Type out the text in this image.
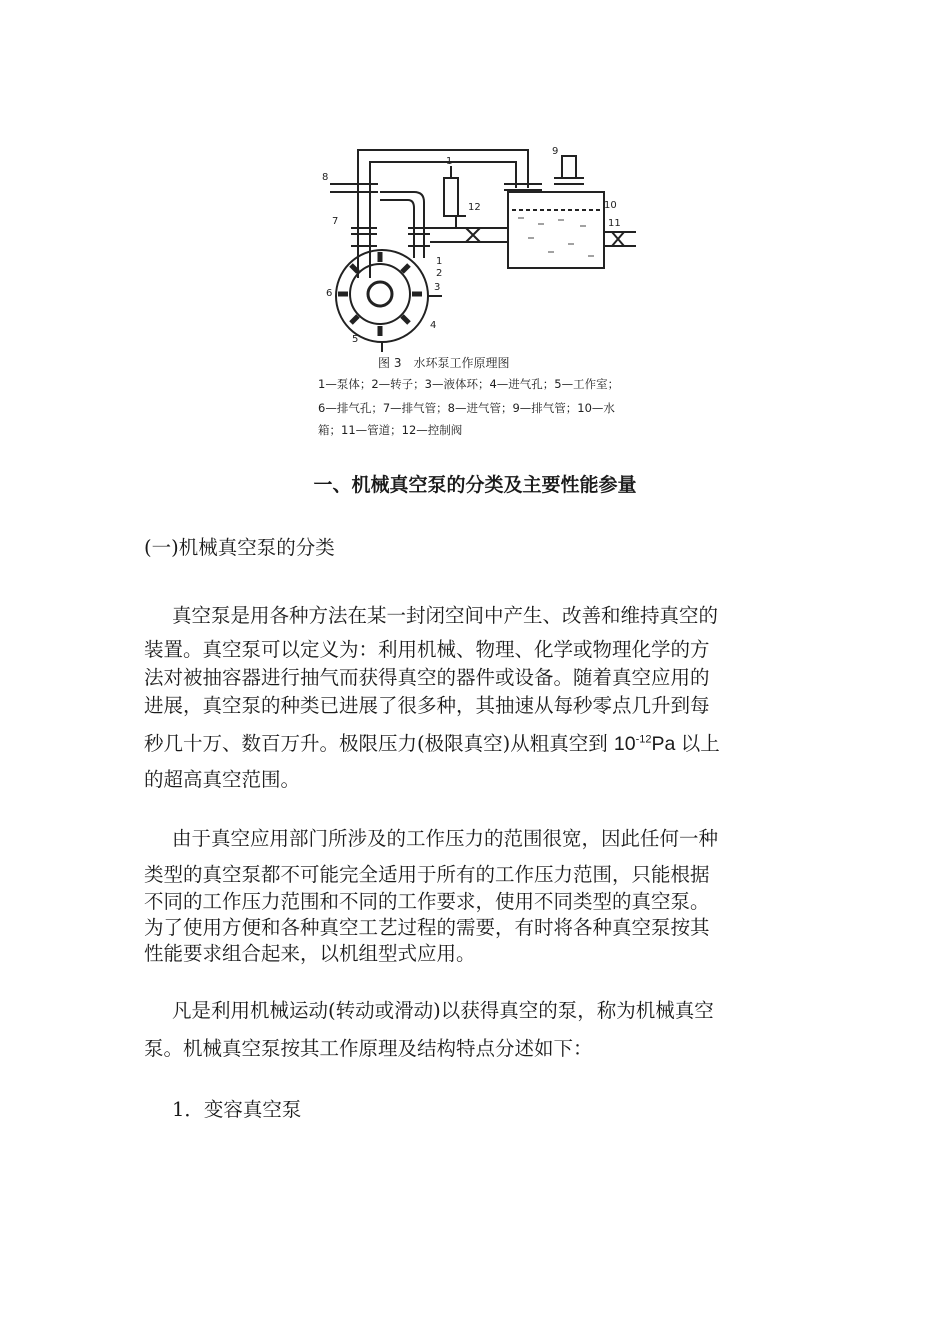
8
7
1
12
9
10
11
1
2
3
4
5
6
图 3　水环泵工作原理图
1—泵体；2—转子；3—液体环；4—进气孔；5—工作室；
6—排气孔；7—排气管；8—进气管；9—排气管；10—水
箱；11—管道；12—控制阀
一、机械真空泵的分类及主要性能参量
(一)机械真空泵的分类
真空泵是用各种方法在某一封闭空间中产生、改善和维持真空的
装置。真空泵可以定义为：利用机械、物理、化学或物理化学的方
法对被抽容器进行抽气而获得真空的器件或设备。随着真空应用的
进展，真空泵的种类已进展了很多种，其抽速从每秒零点几升到每
秒几十万、数百万升。极限压力(极限真空)从粗真空到 $10^{-12}Pa$ 以上
的超高真空范围。
由于真空应用部门所涉及的工作压力的范围很宽，因此任何一种
类型的真空泵都不可能完全适用于所有的工作压力范围，只能根据
不同的工作压力范围和不同的工作要求，使用不同类型的真空泵。
为了使用方便和各种真空工艺过程的需要，有时将各种真空泵按其
性能要求组合起来，以机组型式应用。
凡是利用机械运动(转动或滑动)以获得真空的泵，称为机械真空
泵。机械真空泵按其工作原理及结构特点分述如下：
1．变容真空泵
